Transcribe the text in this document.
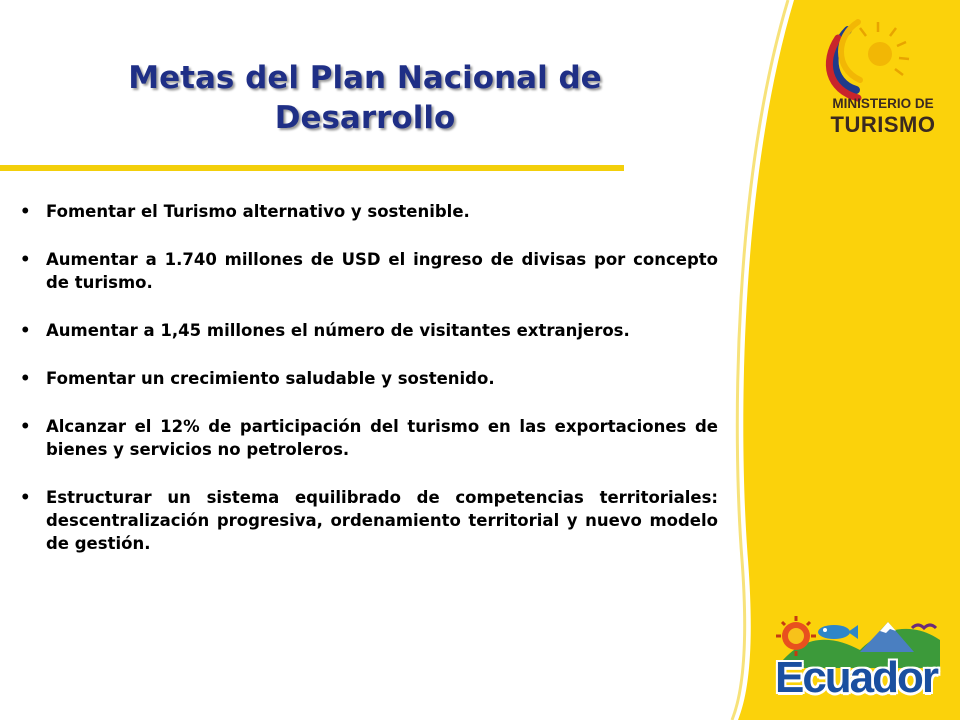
MINISTERIO DE
TURISMO
Metas del Plan Nacional de
Desarrollo
• Fomentar el Turismo alternativo y sostenible.
• Aumentar a 1.740 millones de USD el ingreso de divisas por concepto de turismo.
• Aumentar a 1,45 millones el número de visitantes extranjeros.
• Fomentar un crecimiento saludable y sostenido.
• Alcanzar el 12% de participación del turismo en las exportaciones de bienes y servicios no petroleros.
• Estructurar un sistema equilibrado de competencias territoriales: descentralización progresiva, ordenamiento territorial y nuevo modelo de gestión.
Ecuador
